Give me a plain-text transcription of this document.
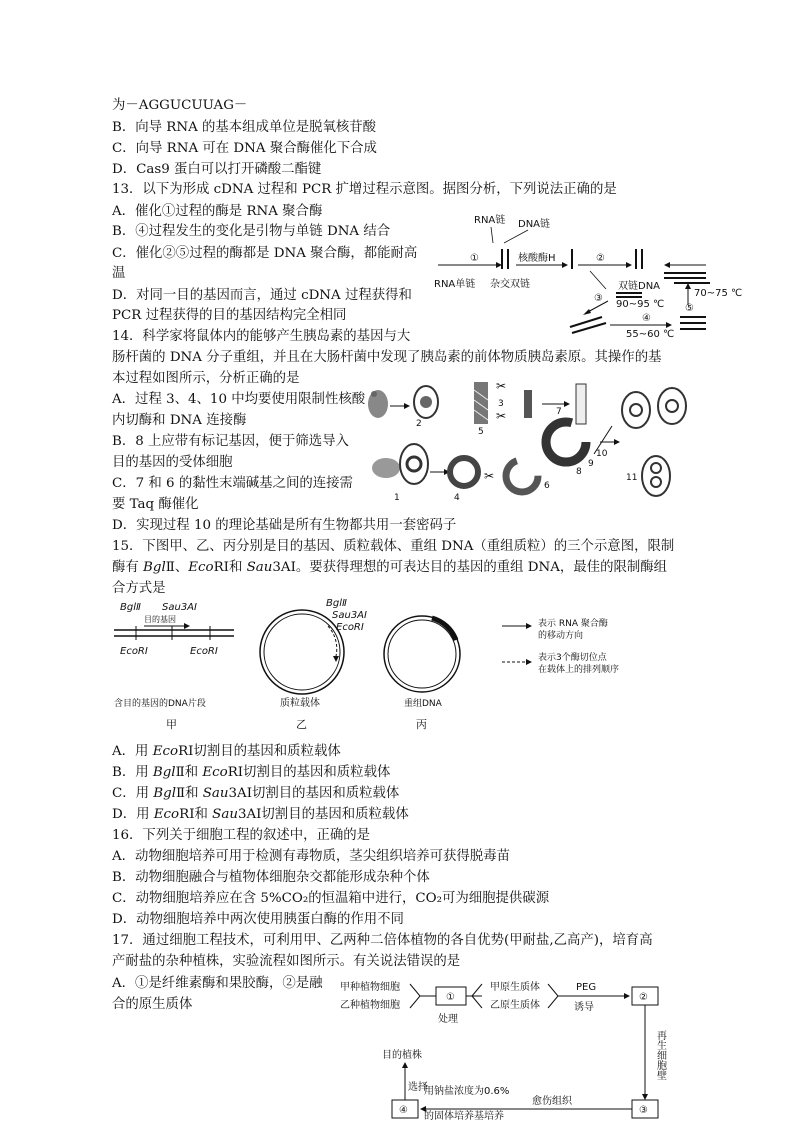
为－AGGUCUUAG－
B．向导 RNA 的基本组成单位是脱氧核苷酸
C．向导 RNA 可在 DNA 聚合酶催化下合成
D．Cas9 蛋白可以打开磷酸二酯键
13．以下为形成 cDNA 过程和 PCR 扩增过程示意图。据图分析，下列说法正确的是
A．催化①过程的酶是 RNA 聚合酶
B．④过程发生的变化是引物与单链 DNA 结合
C．催化②⑤过程的酶都是 DNA 聚合酶，都能耐高
温
D．对同一目的基因而言，通过 cDNA 过程获得和
PCR 过程获得的目的基因结构完全相同
14．科学家将鼠体内的能够产生胰岛素的基因与大
肠杆菌的 DNA 分子重组，并且在大肠杆菌中发现了胰岛素的前体物质胰岛素原。其操作的基
本过程如图所示，分析正确的是
A．过程 3、4、10 中均要使用限制性核酸
内切酶和 DNA 连接酶
B．8 上应带有标记基因，便于筛选导入
目的基因的受体细胞
C．7 和 6 的黏性末端碱基之间的连接需
要 Taq 酶催化
D．实现过程 10 的理论基础是所有生物都共用一套密码子
15．下图甲、乙、丙分别是目的基因、质粒载体、重组 DNA（重组质粒）的三个示意图，限制
酶有 BglⅡ、EcoRⅠ和 Sau3AⅠ。要获得理想的可表达目的基因的重组 DNA，最佳的限制酶组
合方式是
A．用 EcoRⅠ切割目的基因和质粒载体
B．用 BglⅡ和 EcoRⅠ切割目的基因和质粒载体
C．用 BglⅡ和 Sau3AⅠ切割目的基因和质粒载体
D．用 EcoRⅠ和 Sau3AⅠ切割目的基因和质粒载体
16．下列关于细胞工程的叙述中，正确的是
A．动物细胞培养可用于检测有毒物质，茎尖组织培养可获得脱毒苗
B．动物细胞融合与植物体细胞杂交都能形成杂种个体
C．动物细胞培养应在含 5%CO₂的恒温箱中进行，CO₂可为细胞提供碳源
D．动物细胞培养中两次使用胰蛋白酶的作用不同
17．通过细胞工程技术，可利用甲、乙两种二倍体植物的各自优势(甲耐盐,乙高产)，培育高
产耐盐的杂种植株，实验流程如图所示。有关说法错误的是
A．①是纤维素酶和果胶酶，②是融
合的原生质体
RNA链 DNA链
①	核酸酶H	②
RNA单链 杂交双链	双链DNA
③
90~95 ℃
④
55~60 ℃
⑤
70~75 ℃
✂
✂
✂
2
3
5
7
1	4
6
8
9
10
11
BglⅡ Sau3AⅠ
目的基因
EcoRⅠ	EcoRⅠ
含目的基因的DNA片段
甲
BglⅡ
Sau3AⅠ
EcoRⅠ
质粒载体
乙
重组DNA
丙
表示 RNA 聚合酶
的移动方向
表示3个酶切位点
在载体上的排列顺序
甲种植物细胞
乙种植物细胞
①
处理
甲原生质体
乙原生质体
PEG
诱导
②
再生细胞壁
③
愈伤组织
用钠盐浓度为0.6%
的固体培养基培养
④
选择
目的植株
